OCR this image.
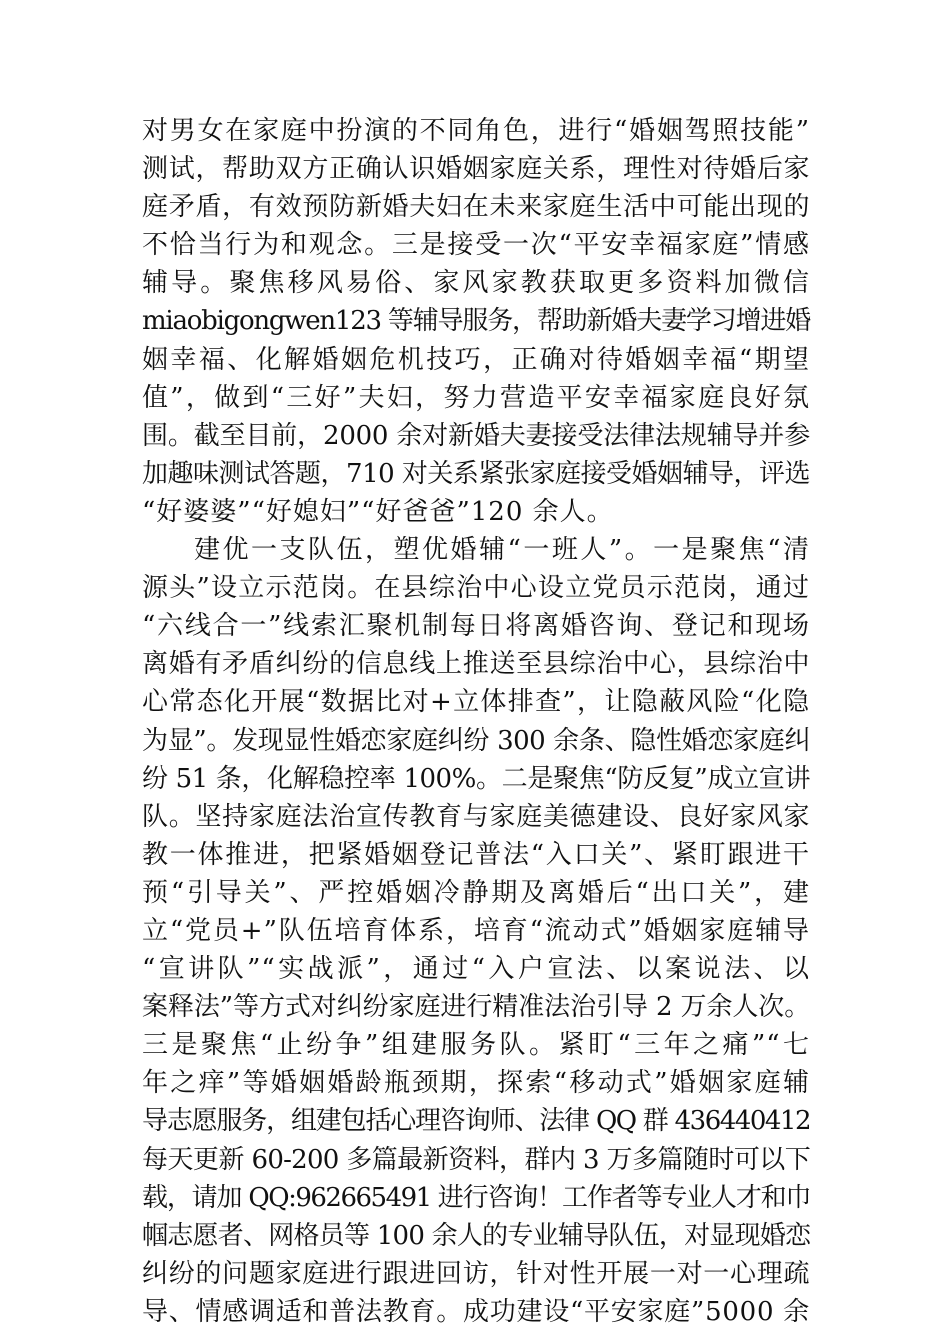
对男女在家庭中扮演的不同角色，进行“婚姻驾照技能”
测试，帮助双方正确认识婚姻家庭关系，理性对待婚后家
庭矛盾，有效预防新婚夫妇在未来家庭生活中可能出现的
不恰当行为和观念。三是接受一次“平安幸福家庭”情感
辅导。聚焦移风易俗、家风家教获取更多资料加微信
miaobigongwen123 等辅导服务，帮助新婚夫妻学习增进婚
姻幸福、化解婚姻危机技巧，正确对待婚姻幸福“期望
值”，做到“三好”夫妇，努力营造平安幸福家庭良好氛
围。截至目前，2000 余对新婚夫妻接受法律法规辅导并参
加趣味测试答题，710 对关系紧张家庭接受婚姻辅导，评选
“好婆婆”“好媳妇”“好爸爸”120 余人。
建优一支队伍，塑优婚辅“一班人”。一是聚焦“清
源头”设立示范岗。在县综治中心设立党员示范岗，通过
“六线合一”线索汇聚机制每日将离婚咨询、登记和现场
离婚有矛盾纠纷的信息线上推送至县综治中心，县综治中
心常态化开展“数据比对+立体排查”，让隐蔽风险“化隐
为显”。发现显性婚恋家庭纠纷 300 余条、隐性婚恋家庭纠
纷 51 条，化解稳控率 100%。二是聚焦“防反复”成立宣讲
队。坚持家庭法治宣传教育与家庭美德建设、良好家风家
教一体推进，把紧婚姻登记普法“入口关”、紧盯跟进干
预“引导关”、严控婚姻冷静期及离婚后“出口关”，建
立“党员+”队伍培育体系，培育“流动式”婚姻家庭辅导
“宣讲队”“实战派”，通过“入户宣法、以案说法、以
案释法”等方式对纠纷家庭进行精准法治引导 2 万余人次。
三是聚焦“止纷争”组建服务队。紧盯“三年之痛”“七
年之痒”等婚姻婚龄瓶颈期，探索“移动式”婚姻家庭辅
导志愿服务，组建包括心理咨询师、法律 QQ 群 436440412
每天更新 60-200 多篇最新资料，群内 3 万多篇随时可以下
载，请加 QQ:962665491 进行咨询！工作者等专业人才和巾
帼志愿者、网格员等 100 余人的专业辅导队伍，对显现婚恋
纠纷的问题家庭进行跟进回访，针对性开展一对一心理疏
导、情感调适和普法教育。成功建设“平安家庭”5000 余
